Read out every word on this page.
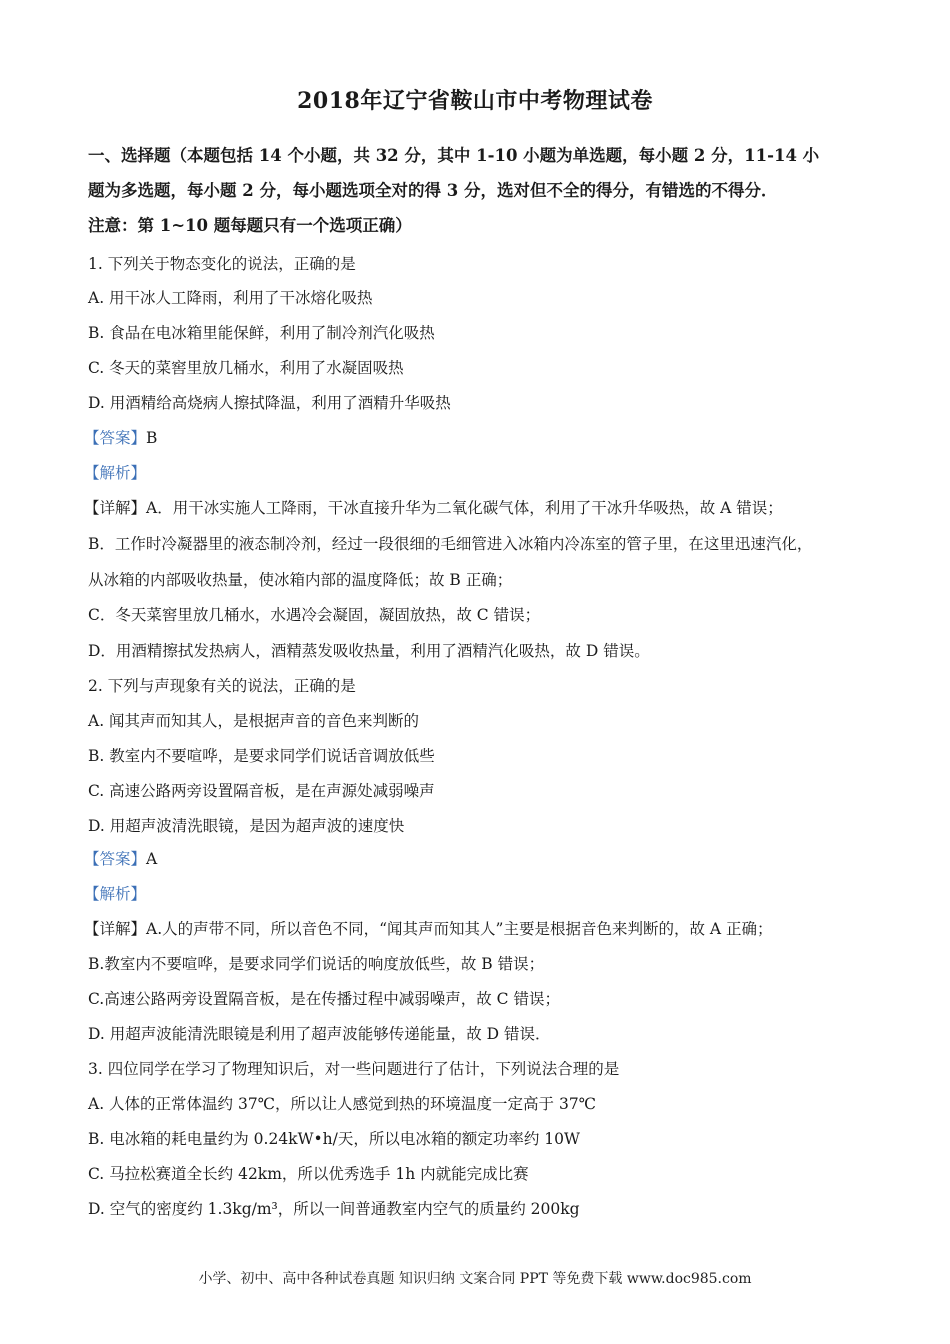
2018年辽宁省鞍山市中考物理试卷
一、选择题（本题包括 14 个小题，共 32 分，其中 1-10 小题为单选题，每小题 2 分，11-14 小
题为多选题，每小题 2 分，每小题选项全对的得 3 分，选对但不全的得分，有错选的不得分．
注意：第 1~10 题每题只有一个选项正确）
1. 下列关于物态变化的说法，正确的是
A. 用干冰人工降雨，利用了干冰熔化吸热
B. 食品在电冰箱里能保鲜，利用了制冷剂汽化吸热
C. 冬天的菜窖里放几桶水，利用了水凝固吸热
D. 用酒精给高烧病人擦拭降温，利用了酒精升华吸热
【答案】B
【解析】
【详解】A．用干冰实施人工降雨，干冰直接升华为二氧化碳气体，利用了干冰升华吸热，故 A 错误；
B．工作时冷凝器里的液态制冷剂，经过一段很细的毛细管进入冰箱内冷冻室的管子里，在这里迅速汽化，
从冰箱的内部吸收热量，使冰箱内部的温度降低；故 B 正确；
C．冬天菜窖里放几桶水，水遇冷会凝固，凝固放热，故 C 错误；
D．用酒精擦拭发热病人，酒精蒸发吸收热量，利用了酒精汽化吸热，故 D 错误。
2. 下列与声现象有关的说法，正确的是
A. 闻其声而知其人，是根据声音的音色来判断的
B. 教室内不要喧哗，是要求同学们说话音调放低些
C. 高速公路两旁设置隔音板，是在声源处减弱噪声
D. 用超声波清洗眼镜，是因为超声波的速度快
【答案】A
【解析】
【详解】A.人的声带不同，所以音色不同，“闻其声而知其人”主要是根据音色来判断的，故 A 正确；
B.教室内不要喧哗，是要求同学们说话的响度放低些，故 B 错误；
C.高速公路两旁设置隔音板，是在传播过程中减弱噪声，故 C 错误；
D. 用超声波能清洗眼镜是利用了超声波能够传递能量，故 D 错误．
3. 四位同学在学习了物理知识后，对一些问题进行了估计，下列说法合理的是
A. 人体的正常体温约 37℃，所以让人感觉到热的环境温度一定高于 37℃
B. 电冰箱的耗电量约为 0.24kW•h/天，所以电冰箱的额定功率约 10W
C. 马拉松赛道全长约 42km，所以优秀选手 1h 内就能完成比赛
D. 空气的密度约 1.3kg/m³，所以一间普通教室内空气的质量约 200kg
小学、初中、高中各种试卷真题 知识归纳 文案合同 PPT 等免费下载 www.doc985.com
